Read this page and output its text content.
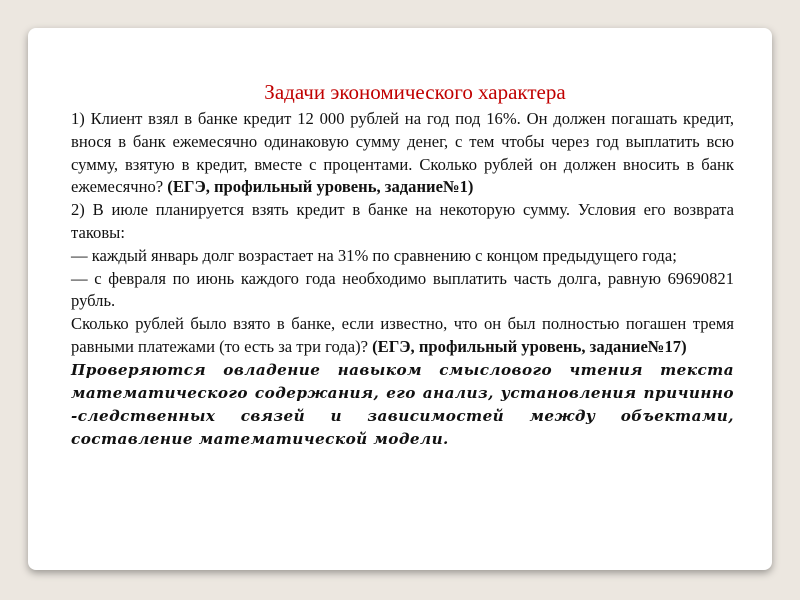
Задачи экономического характера

1) Клиент взял в банке кредит 12 000 рублей на год под 16%. Он должен погашать кредит, внося в банк ежемесячно одинаковую сумму денег, с тем чтобы через год выплатить всю сумму, взятую в кредит, вместе с процентами. Сколько рублей он должен вносить в банк ежемесячно? (ЕГЭ, профильный уровень, задание№1)

2) В июле планируется взять кредит в банке на некоторую сумму. Условия его возврата таковы:

— каждый январь долг возрастает на 31% по сравнению с концом предыдущего года;

— с февраля по июнь каждого года необходимо выплатить часть долга, равную 69690821 рубль.

Сколько рублей было взято в банке, если известно, что он был полностью погашен тремя равными платежами (то есть за три года)? (ЕГЭ, профильный уровень, задание№17)

Проверяются овладение навыком смыслового чтения текста математического содержания, его анализ, установления причинно -следственных связей и зависимостей между объектами, составление математической модели.
